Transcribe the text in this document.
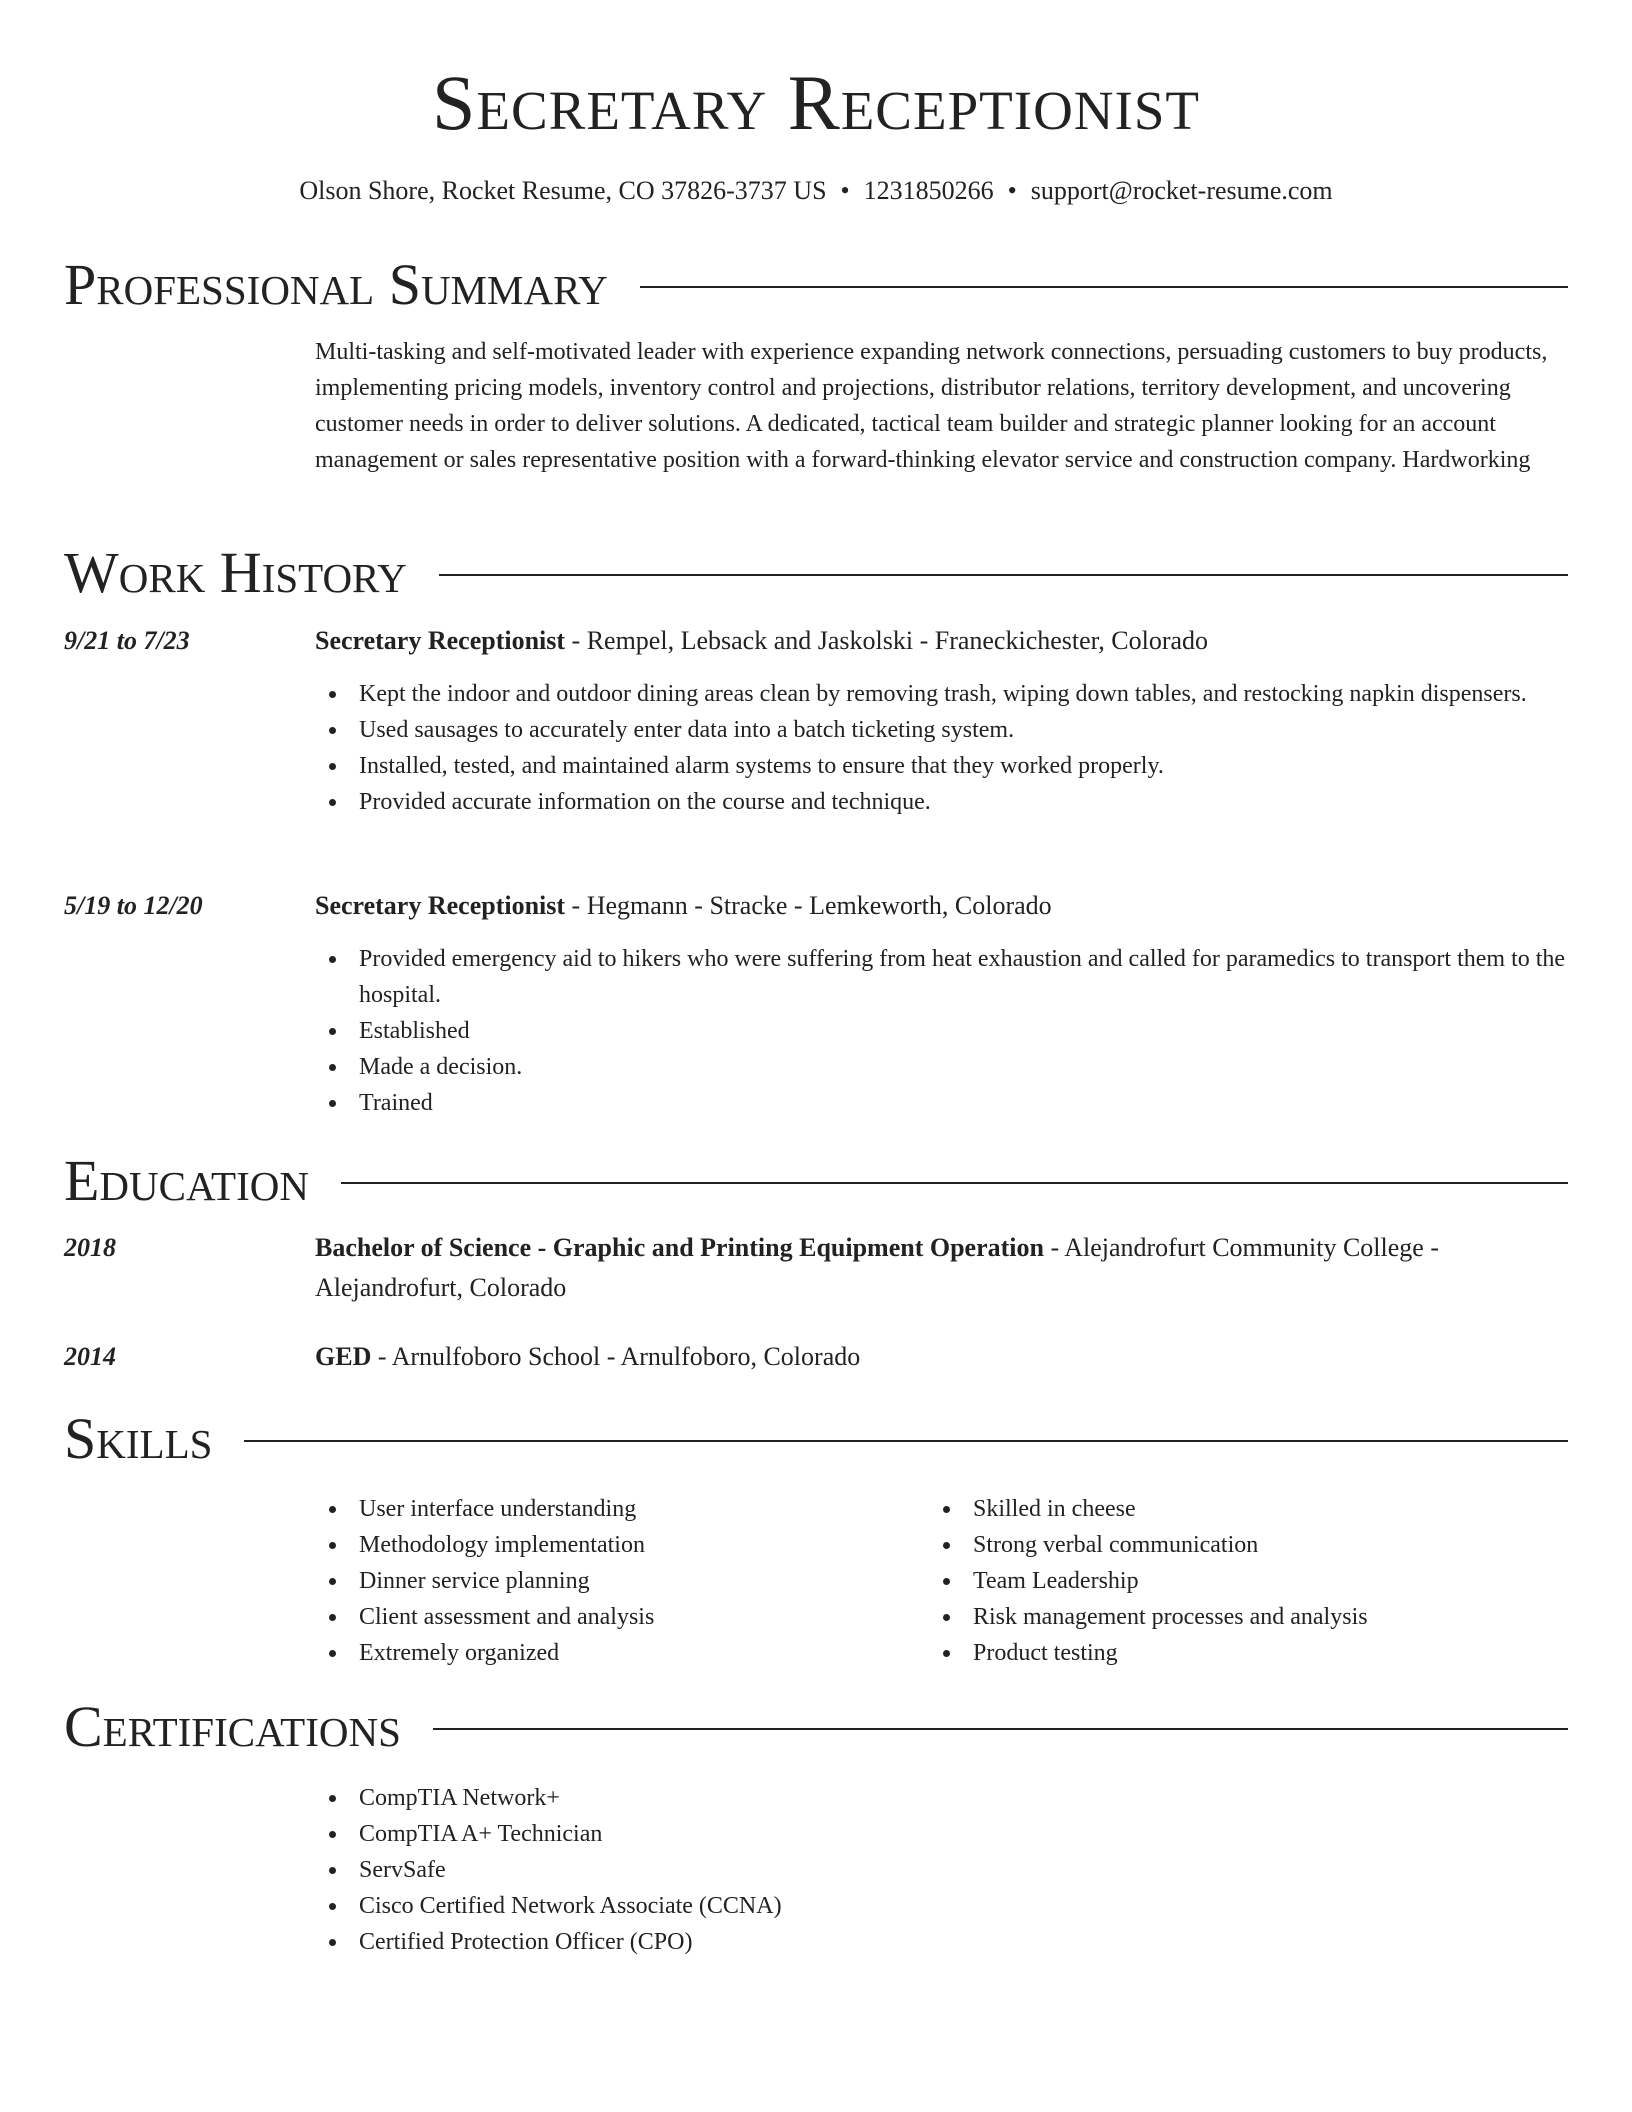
Secretary Receptionist
Olson Shore, Rocket Resume, CO 37826-3737 US • 1231850266 • support@rocket-resume.com
Professional Summary
Multi-tasking and self-motivated leader with experience expanding network connections, persuading customers to buy products, implementing pricing models, inventory control and projections, distributor relations, territory development, and uncovering customer needs in order to deliver solutions. A dedicated, tactical team builder and strategic planner looking for an account management or sales representative position with a forward-thinking elevator service and construction company. Hardworking
Work History
9/21 to 7/23	Secretary Receptionist - Rempel, Lebsack and Jaskolski - Franeckichester, Colorado
Kept the indoor and outdoor dining areas clean by removing trash, wiping down tables, and restocking napkin dispensers.
Used sausages to accurately enter data into a batch ticketing system.
Installed, tested, and maintained alarm systems to ensure that they worked properly.
Provided accurate information on the course and technique.
5/19 to 12/20	Secretary Receptionist - Hegmann - Stracke - Lemkeworth, Colorado
Provided emergency aid to hikers who were suffering from heat exhaustion and called for paramedics to transport them to the hospital.
Established
Made a decision.
Trained
Education
2018	Bachelor of Science - Graphic and Printing Equipment Operation - Alejandrofurt Community College - Alejandrofurt, Colorado
2014	GED - Arnulfoboro School - Arnulfoboro, Colorado
Skills
User interface understanding
Methodology implementation
Dinner service planning
Client assessment and analysis
Extremely organized
Skilled in cheese
Strong verbal communication
Team Leadership
Risk management processes and analysis
Product testing
Certifications
CompTIA Network+
CompTIA A+ Technician
ServSafe
Cisco Certified Network Associate (CCNA)
Certified Protection Officer (CPO)
